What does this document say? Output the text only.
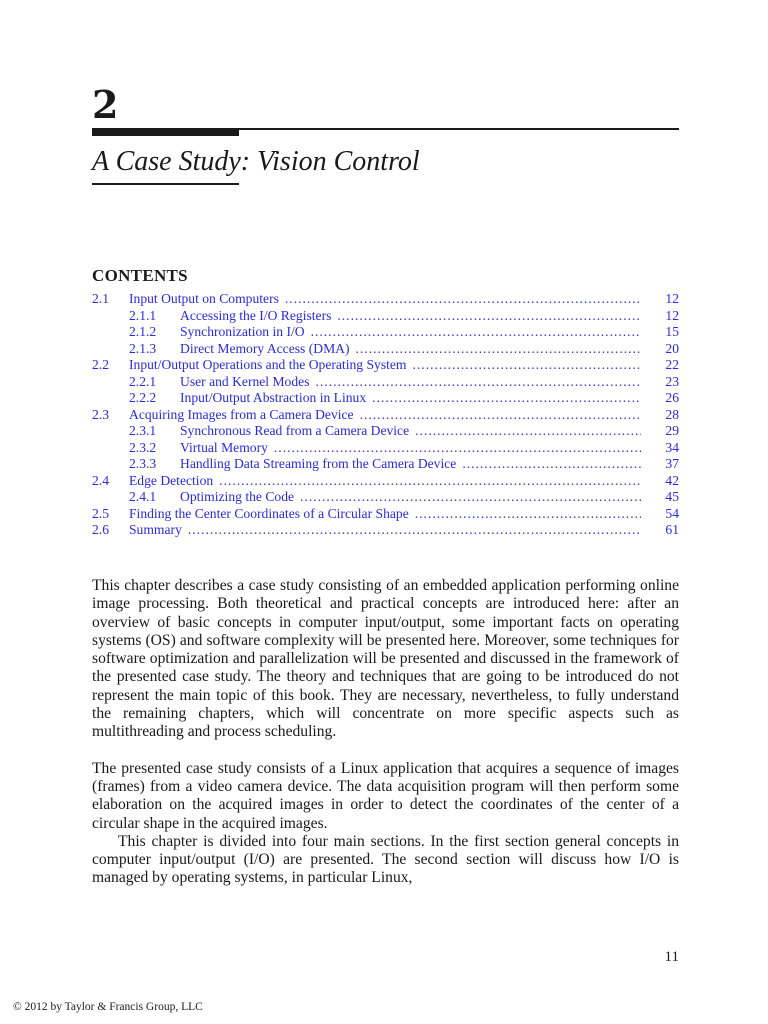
2
A Case Study: Vision Control
CONTENTS
2.1	Input Output on Computers . . .	12
2.1.1	Accessing the I/O Registers . . .	12
2.1.2	Synchronization in I/O . . .	15
2.1.3	Direct Memory Access (DMA) . . .	20
2.2	Input/Output Operations and the Operating System . . .	22
2.2.1	User and Kernel Modes . . .	23
2.2.2	Input/Output Abstraction in Linux . . .	26
2.3	Acquiring Images from a Camera Device . . .	28
2.3.1	Synchronous Read from a Camera Device . . .	29
2.3.2	Virtual Memory . . .	34
2.3.3	Handling Data Streaming from the Camera Device . . .	37
2.4	Edge Detection . . .	42
2.4.1	Optimizing the Code . . .	45
2.5	Finding the Center Coordinates of a Circular Shape . . .	54
2.6	Summary . . .	61

This chapter describes a case study consisting of an embedded application performing online image processing. Both theoretical and practical concepts are introduced here: after an overview of basic concepts in computer input/output, some important facts on operating systems (OS) and software complexity will be presented here. Moreover, some techniques for software optimization and parallelization will be presented and discussed in the framework of the presented case study. The theory and techniques that are going to be introduced do not represent the main topic of this book. They are necessary, nevertheless, to fully understand the remaining chapters, which will concentrate on more specific aspects such as multithreading and process scheduling.

The presented case study consists of a Linux application that acquires a sequence of images (frames) from a video camera device. The data acquisition program will then perform some elaboration on the acquired images in order to detect the coordinates of the center of a circular shape in the acquired images.

This chapter is divided into four main sections. In the first section general concepts in computer input/output (I/O) are presented. The second section will discuss how I/O is managed by operating systems, in particular Linux,

11
© 2012 by Taylor & Francis Group, LLC
